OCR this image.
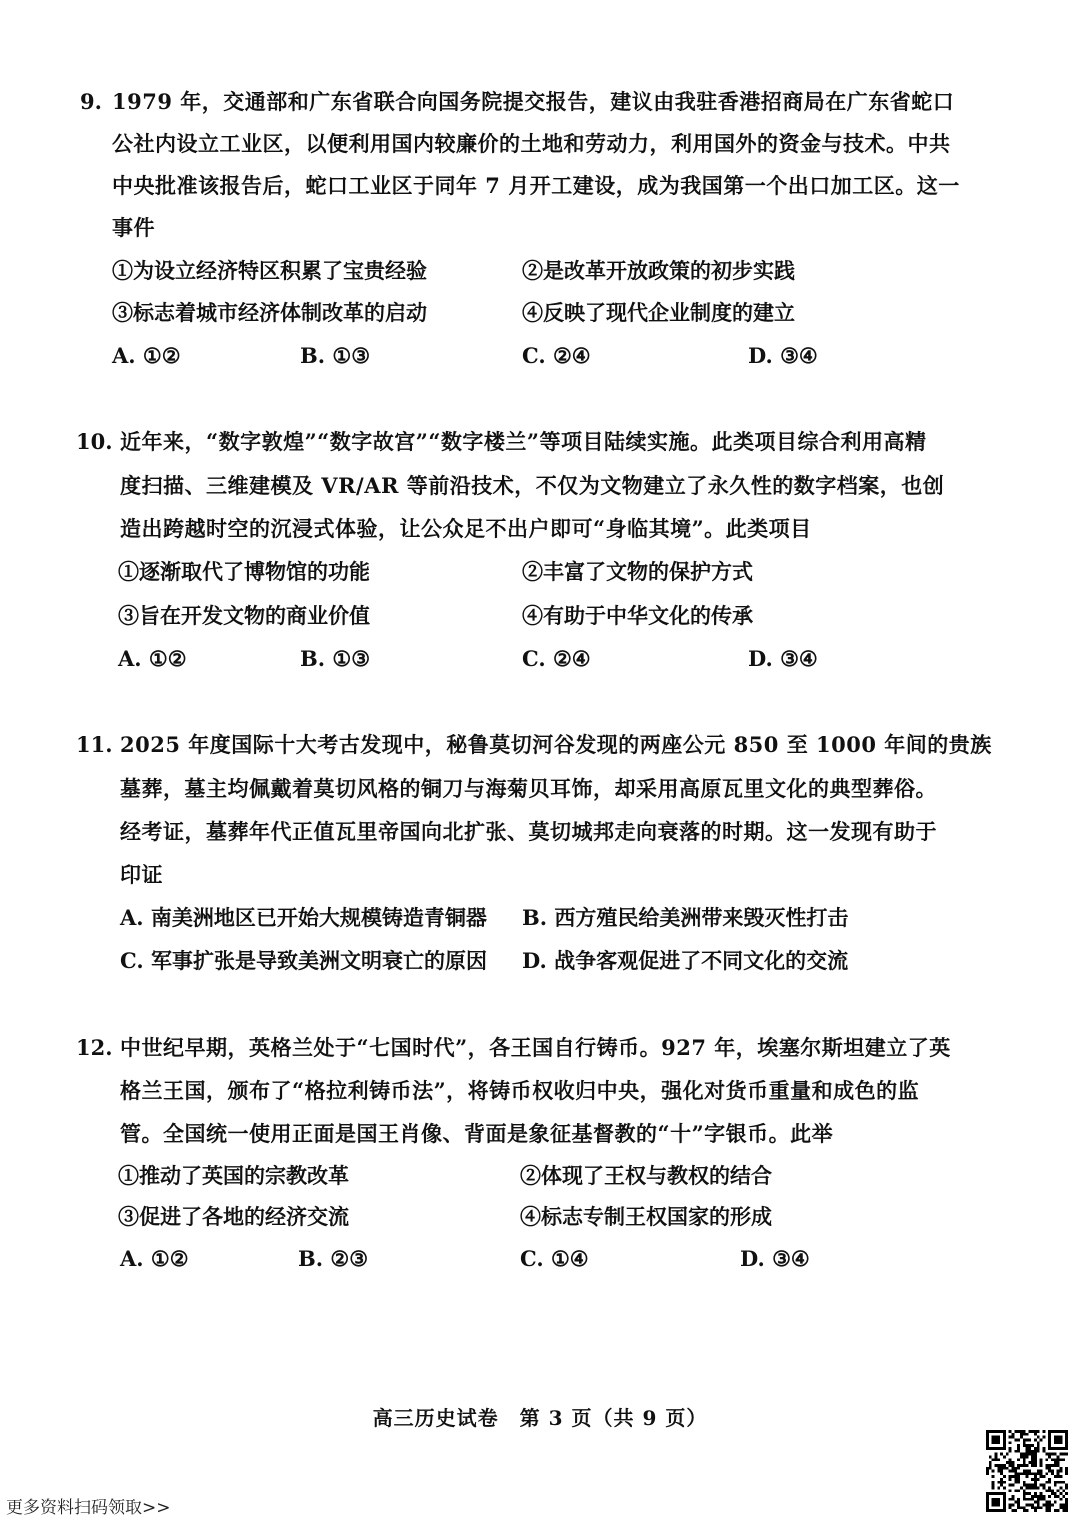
9. 1979 年，交通部和广东省联合向国务院提交报告，建议由我驻香港招商局在广东省蛇口
公社内设立工业区，以便利用国内较廉价的土地和劳动力，利用国外的资金与技术。中共
中央批准该报告后，蛇口工业区于同年 7 月开工建设，成为我国第一个出口加工区。这一
事件
①为设立经济特区积累了宝贵经验	②是改革开放政策的初步实践
③标志着城市经济体制改革的启动	④反映了现代企业制度的建立
A. ①②	B. ①③	C. ②④	D. ③④
10. 近年来，“数字敦煌”“数字故宫”“数字楼兰”等项目陆续实施。此类项目综合利用高精
度扫描、三维建模及 VR/AR 等前沿技术，不仅为文物建立了永久性的数字档案，也创
造出跨越时空的沉浸式体验，让公众足不出户即可“身临其境”。此类项目
①逐渐取代了博物馆的功能	②丰富了文物的保护方式
③旨在开发文物的商业价值	④有助于中华文化的传承
A. ①②	B. ①③	C. ②④	D. ③④
11. 2025 年度国际十大考古发现中，秘鲁莫切河谷发现的两座公元 850 至 1000 年间的贵族
墓葬，墓主均佩戴着莫切风格的铜刀与海菊贝耳饰，却采用高原瓦里文化的典型葬俗。
经考证，墓葬年代正值瓦里帝国向北扩张、莫切城邦走向衰落的时期。这一发现有助于
印证
A. 南美洲地区已开始大规模铸造青铜器 B. 西方殖民给美洲带来毁灭性打击
C. 军事扩张是导致美洲文明衰亡的原因 D. 战争客观促进了不同文化的交流
12. 中世纪早期，英格兰处于“七国时代”，各王国自行铸币。927 年，埃塞尔斯坦建立了英
格兰王国，颁布了“格拉利铸币法”，将铸币权收归中央，强化对货币重量和成色的监
管。全国统一使用正面是国王肖像、背面是象征基督教的“十”字银币。此举
①推动了英国的宗教改革	②体现了王权与教权的结合
③促进了各地的经济交流	④标志专制王权国家的形成
A. ①②	B. ②③	C. ①④	D. ③④
高三历史试卷　第 3 页（共 9 页）
更多资料扫码领取>>
